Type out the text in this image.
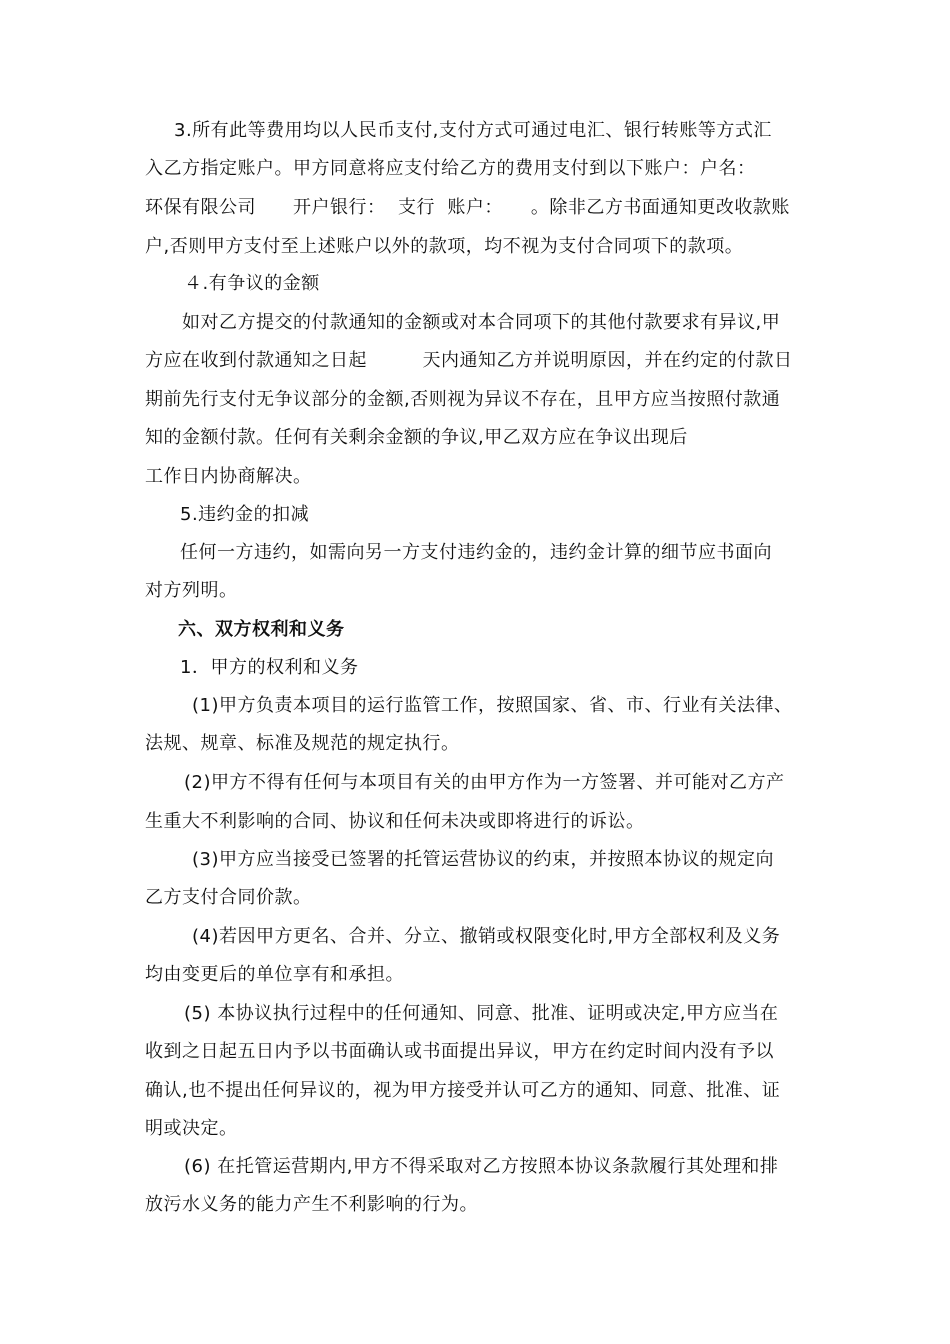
3.所有此等费用均以人民币支付,支付方式可通过电汇、银行转账等方式汇
入乙方指定账户。甲方同意将应支付给乙方的费用支付到以下账户：户名：
环保有限公司　　开户银行：  支行  账户：　　。除非乙方书面通知更改收款账
户,否则甲方支付至上述账户以外的款项，均不视为支付合同项下的款项。
４.有争议的金额
如对乙方提交的付款通知的金额或对本合同项下的其他付款要求有异议,甲
方应在收到付款通知之日起　　　天内通知乙方并说明原因，并在约定的付款日
期前先行支付无争议部分的金额,否则视为异议不存在，且甲方应当按照付款通
知的金额付款。任何有关剩余金额的争议,甲乙双方应在争议出现后
工作日内协商解决。
5.违约金的扣减
任何一方违约，如需向另一方支付违约金的，违约金计算的细节应书面向
对方列明。
六、双方权利和义务
1．甲方的权利和义务
(1)甲方负责本项目的运行监管工作，按照国家、省、市、行业有关法律、
法规、规章、标准及规范的规定执行。
(2)甲方不得有任何与本项目有关的由甲方作为一方签署、并可能对乙方产
生重大不利影响的合同、协议和任何未决或即将进行的诉讼。
(3)甲方应当接受已签署的托管运营协议的约束，并按照本协议的规定向
乙方支付合同价款。
(4)若因甲方更名、合并、分立、撤销或权限变化时,甲方全部权利及义务
均由变更后的单位享有和承担。
(5) 本协议执行过程中的任何通知、同意、批准、证明或决定,甲方应当在
收到之日起五日内予以书面确认或书面提出异议，甲方在约定时间内没有予以
确认,也不提出任何异议的，视为甲方接受并认可乙方的通知、同意、批准、证
明或决定。
(6) 在托管运营期内,甲方不得采取对乙方按照本协议条款履行其处理和排
放污水义务的能力产生不利影响的行为。
